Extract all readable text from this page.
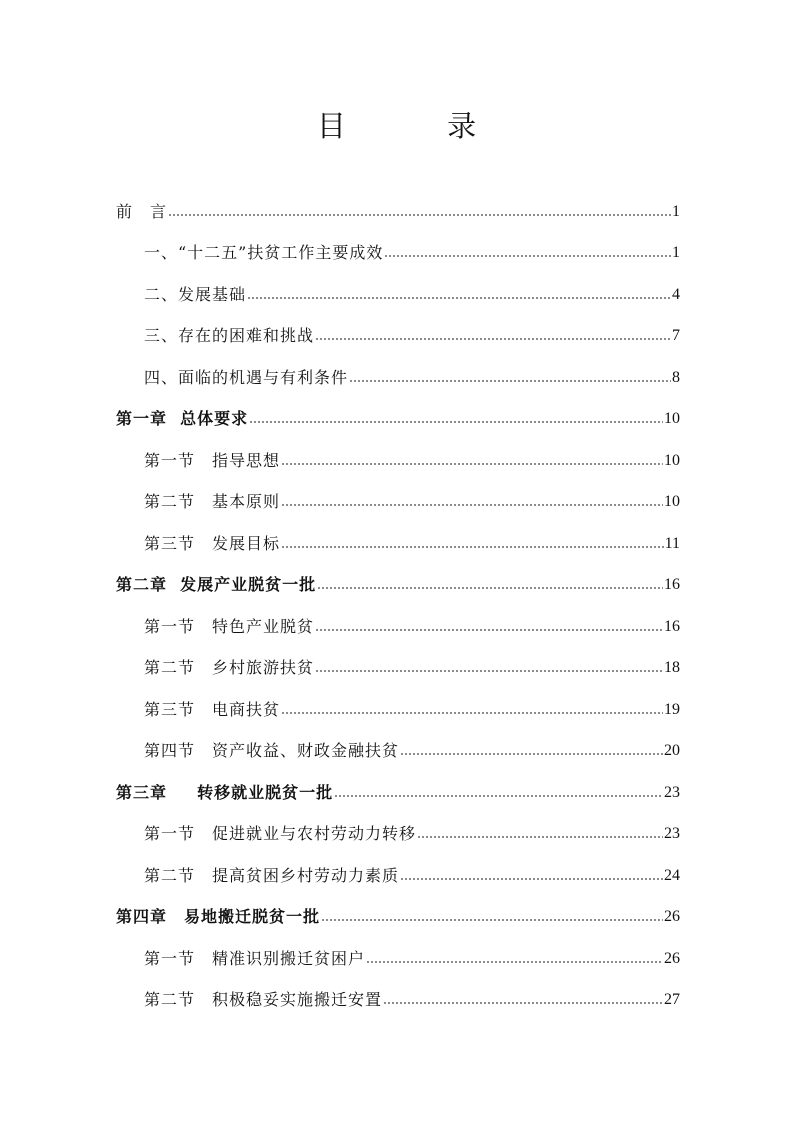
目 录
前　言	1
一、“十二五”扶贫工作主要成效	1
二、发展基础	4
三、存在的困难和挑战	7
四、面临的机遇与有利条件	8
第一章  总体要求	10
第一节　指导思想	10
第二节　基本原则	10
第三节　发展目标	11
第二章  发展产业脱贫一批	16
第一节　特色产业脱贫	16
第二节　乡村旅游扶贫	18
第三节　电商扶贫	19
第四节　资产收益、财政金融扶贫	20
第三章　  转移就业脱贫一批	23
第一节　促进就业与农村劳动力转移	23
第二节　提高贫困乡村劳动力素质	24
第四章　易地搬迁脱贫一批	26
第一节　精准识别搬迁贫困户	26
第二节　积极稳妥实施搬迁安置	27
